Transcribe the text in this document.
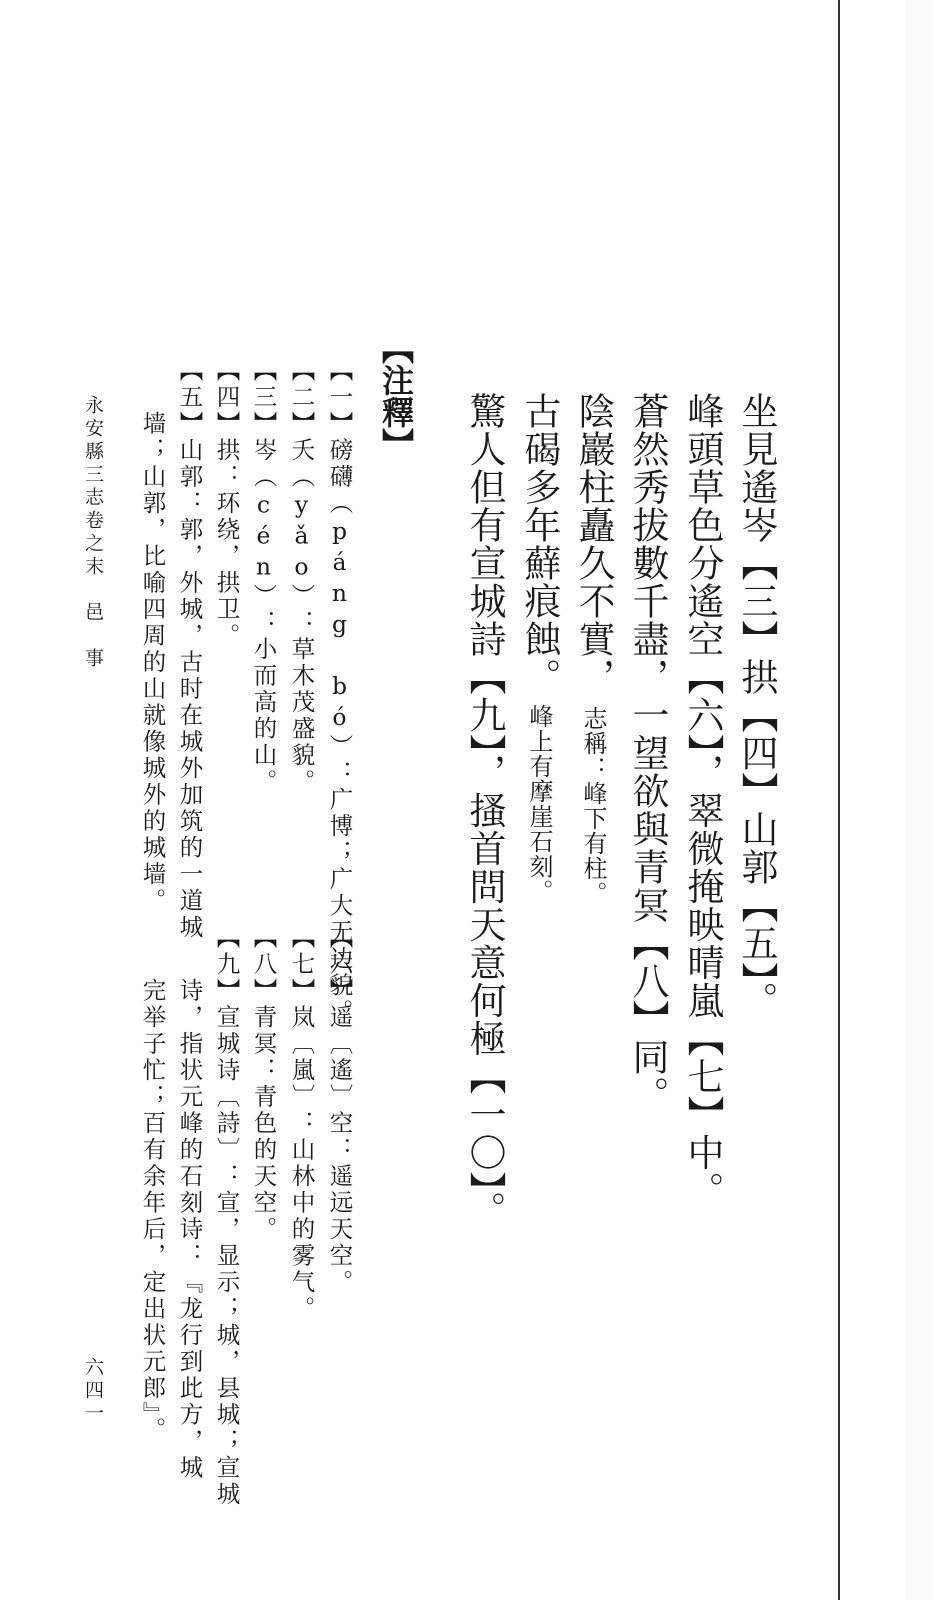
坐見遙岑【三】拱【四】山郭【五】。
峰頭草色分遙空【六】，翠微掩映晴嵐【七】中。
蒼然秀拔數千盡，一望欲與青冥【八】同。
陰巖柱矗久不實，志稱：峰下有柱。
古碣多年蘚痕蝕。峰上有摩崖石刻。
驚人但有宣城詩【九】，搔首問天意何極【一〇】。
【注釋】
【一】磅礴（páng bó）：广博；广大无边貌。
【二】夭（yǎo）：草木茂盛貌。
【三】岑（cén）：小而高的山。
【四】拱：环绕，拱卫。
【五】山郭：郭，外城，古时在城外加筑的一道城
　　墙；山郭，比喻四周的山就像城外的城墙。
【六】遥〔遙〕空：遥远天空。
【七】岚〔嵐〕：山林中的雾气。
【八】青冥：青色的天空。
【九】宣城诗〔詩〕：宣，显示；城，县城；宣城
　　诗，指状元峰的石刻诗：『龙行到此方，城
　　完举子忙；百有余年后，定出状元郎』。
永安縣三志卷之末　邑　事
六四一
